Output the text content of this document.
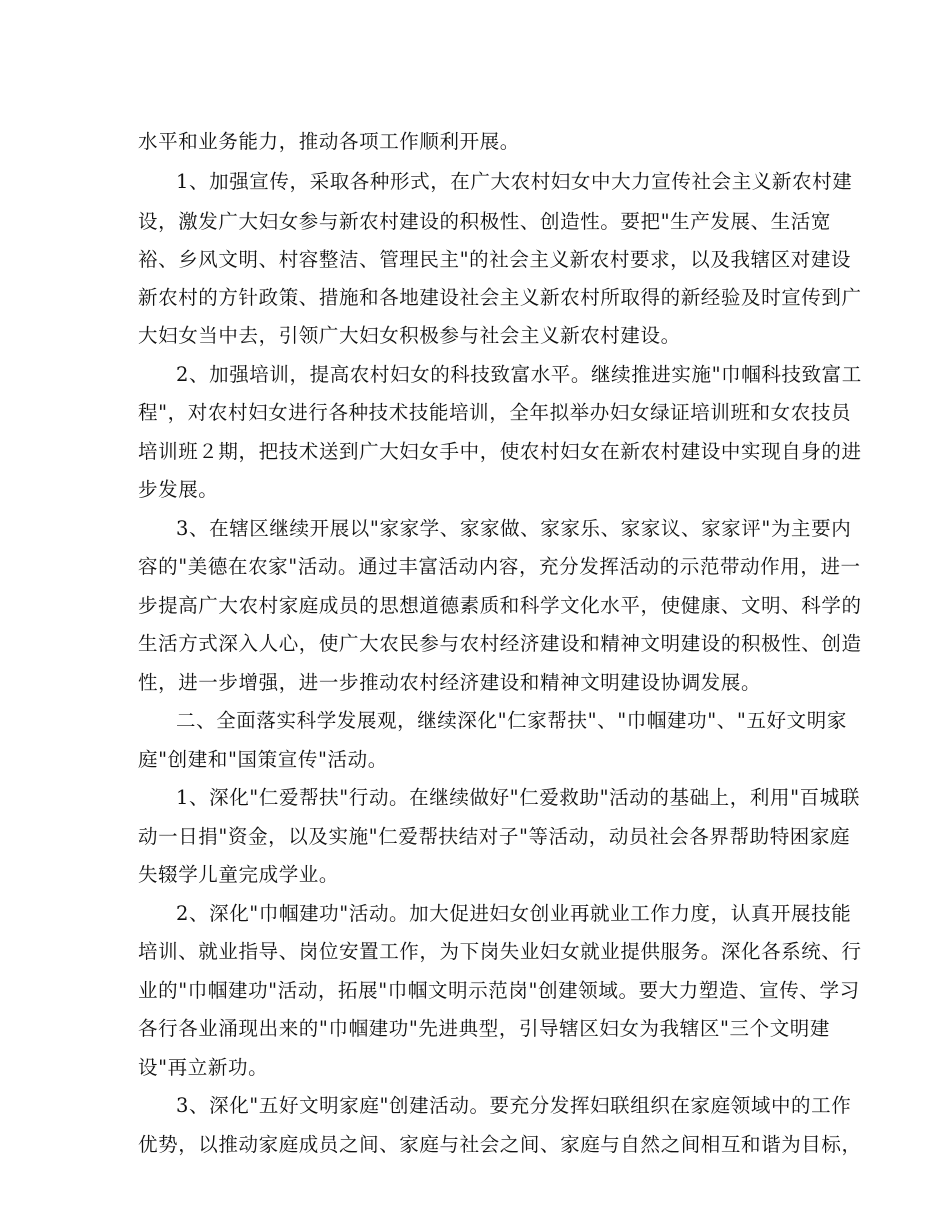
水平和业务能力，推动各项工作顺利开展。
1、加强宣传，采取各种形式，在广大农村妇女中大力宣传社会主义新农村建
设，激发广大妇女参与新农村建设的积极性、创造性。要把"生产发展、生活宽
裕、乡风文明、村容整洁、管理民主"的社会主义新农村要求，以及我辖区对建设
新农村的方针政策、措施和各地建设社会主义新农村所取得的新经验及时宣传到广
大妇女当中去，引领广大妇女积极参与社会主义新农村建设。
2、加强培训，提高农村妇女的科技致富水平。继续推进实施"巾帼科技致富工
程"，对农村妇女进行各种技术技能培训，全年拟举办妇女绿证培训班和女农技员
培训班２期，把技术送到广大妇女手中，使农村妇女在新农村建设中实现自身的进
步发展。
3、在辖区继续开展以"家家学、家家做、家家乐、家家议、家家评"为主要内
容的"美德在农家"活动。通过丰富活动内容，充分发挥活动的示范带动作用，进一
步提高广大农村家庭成员的思想道德素质和科学文化水平，使健康、文明、科学的
生活方式深入人心，使广大农民参与农村经济建设和精神文明建设的积极性、创造
性，进一步增强，进一步推动农村经济建设和精神文明建设协调发展。
二、全面落实科学发展观，继续深化"仁家帮扶"、"巾帼建功"、"五好文明家
庭"创建和"国策宣传"活动。
1、深化"仁爱帮扶"行动。在继续做好"仁爱救助"活动的基础上，利用"百城联
动一日捐"资金，以及实施"仁爱帮扶结对子"等活动，动员社会各界帮助特困家庭
失辍学儿童完成学业。
2、深化"巾帼建功"活动。加大促进妇女创业再就业工作力度，认真开展技能
培训、就业指导、岗位安置工作，为下岗失业妇女就业提供服务。深化各系统、行
业的"巾帼建功"活动，拓展"巾帼文明示范岗"创建领域。要大力塑造、宣传、学习
各行各业涌现出来的"巾帼建功"先进典型，引导辖区妇女为我辖区"三个文明建
设"再立新功。
3、深化"五好文明家庭"创建活动。要充分发挥妇联组织在家庭领域中的工作
优势，以推动家庭成员之间、家庭与社会之间、家庭与自然之间相互和谐为目标，
